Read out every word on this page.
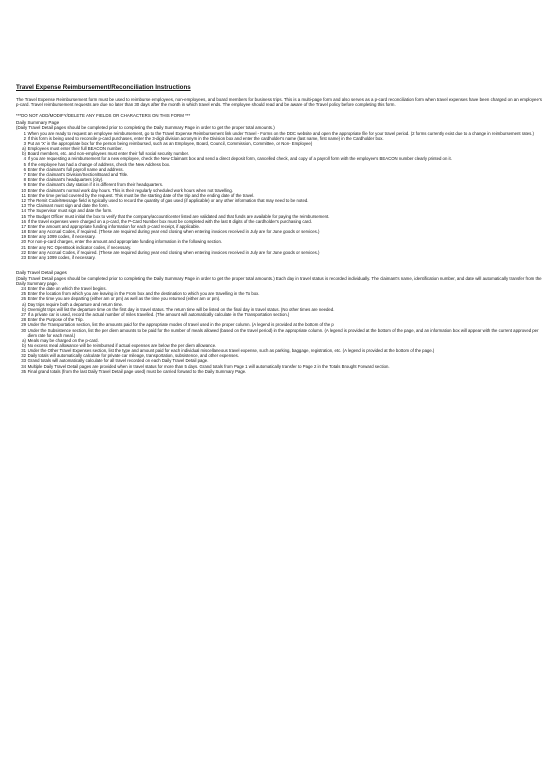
Travel Expense Reimbursement/Reconciliation Instructions
The Travel Expense Reimbursement form must be used to reimburse employees, non-employees, and board members for business trips. This is a multi-page form and also serves as a p-card reconciliation form when travel expenses have been charged on an employee's p-card. Travel reimbursement requests are due no later than 30 days after the month in which travel ends. The employee should read and be aware of the Travel policy before completing this form.
***DO NOT ADD/MODIFY/DELETE ANY FIELDS OR CHARACTERS ON THIS FORM ***
Daily Summary Page
(Daily Travel Detail pages should be completed prior to completing the Daily Summary Page in order to get the proper total amounts.)
1 When you are ready to request an employee reimbursement, go to the Travel Expense Reimbursement link under Travel - Forms on the DDC website and open the appropriate file for your travel period. (2 forms currently exist due to a change in reimbursement rates.)
2 If this form is being used to reconcile p-card purchases, enter the 3-digit division acronym in the Division box and enter the cardholder's name (last name, first name) in the Cardholder box.
3 Put an 'X' in the appropriate box for the person being reimbursed, such as an Employee, Board, Council, Commission, Committee, or Non- Employee)
a) Employees must enter their full BEACON number.
b) Board members, etc. and non-employees must enter their full social security number.
4 If you are requesting a reimbursement for a new employee, check the New Claimant box and send a direct deposit form, cancelled check, and copy of a payroll form with the employee's BEACON number clearly printed on it.
5 If the employee has had a change of address, check the New Address box.
6 Enter the claimant's full payroll name and address.
7 Enter the claimant's Division/Section/Board and Title.
8 Enter the claimant's headquarters (city).
9 Enter the claimant's duty station if it is different from their headquarters.
10 Enter the claimant's normal work day hours. This is their regularly scheduled work hours when not travelling.
11 Enter the time period covered by the request. This must be the starting date of the trip and the ending date of the travel.
12 The Remit Code/Message field is typically used to record the quantity of gas used (if applicable) or any other information that may need to be noted.
13 The Claimant must sign and date the form.
14 The Supervisor must sign and date the form.
15 The Budget Officer must initial the box to verify that the company/account/center listed are validated and that funds are available for paying the reimbursement.
16 If the travel expenses were charged on a p-card, the P-Card Number box must be completed with the last 8 digits of the cardholder's purchasing card.
17 Enter the amount and appropriate funding information for each p-card receipt, if applicable.
18 Enter any Accrual Codes, if required. (These are required during year end closing when entering invoices received in July are for June goods or services.)
19 Enter any 1099 codes, if necessary.
20 For non-p-card charges, enter the amount and appropriate funding information in the following section.
21 Enter any NC OpenBook indicator codes, if necessary.
22 Enter any Accrual Codes, if required. (These are required during year end closing when entering invoices received in July are for June goods or services.)
23 Enter any 1099 codes, if necessary.
Daily Travel Detail pages
(Daily Travel Detail pages should be completed prior to completing the Daily Summary Page in order to get the proper total amounts.) Each day in travel status is recorded individually. The claimant's name, identification number, and date will automatically transfer from the Daily Summary page.
24 Enter the date on which the travel begins.
25 Enter the location from which you are leaving in the From box and the destination to which you are travelling in the To box.
26 Enter the time you are departing (either am or pm) as well as the time you returned (either am or pm).
a) Day trips require both a departure and return time.
b) Overnight trips will list the departure time on the first day in travel status. The return time will be listed on the final day in travel status. (No other times are needed.
27 If a private car is used, record the actual number of miles travelled. (The amount will automatically calculate in the Transportation section.)
28 Enter the Purpose of the Trip.
29 Under the Transportation section, list the amounts paid for the appropriate modes of travel used in the proper column. (A legend is provided at the bottom of the p
30 Under the Subsistence section, list the per diem amounts to be paid for the number of meals allowed (based on the travel period) in the appropriate column. (A legend is provided at the bottom of the page, and an information box will appear with the current approved per diem rate for each meal.)
a) Meals may be charged on the p-card.
b) No excess meal allowance will be reimbursed if actual expenses are below the per diem allowance.
31 Under the Other Travel Expenses section, list the type and amount paid for each individual miscellaneous travel expense, such as parking, baggage, registration, etc. (A legend is provided at the bottom of the page.)
32 Daily totals will automatically calculate for private car mileage, transportation, subsistence, and other expenses.
33 Grand totals will automatically calculate for all travel recorded on each Daily Travel Detail page.
34 Multiple Daily Travel Detail pages are provided when in travel status for more than 5 days. Grand totals from Page 1 will automatically transfer to Page 2 in the Totals Brought Forward section.
35 Final grand totals (from the last Daily Travel Detail page used) must be carried forward to the Daily Summary Page.
